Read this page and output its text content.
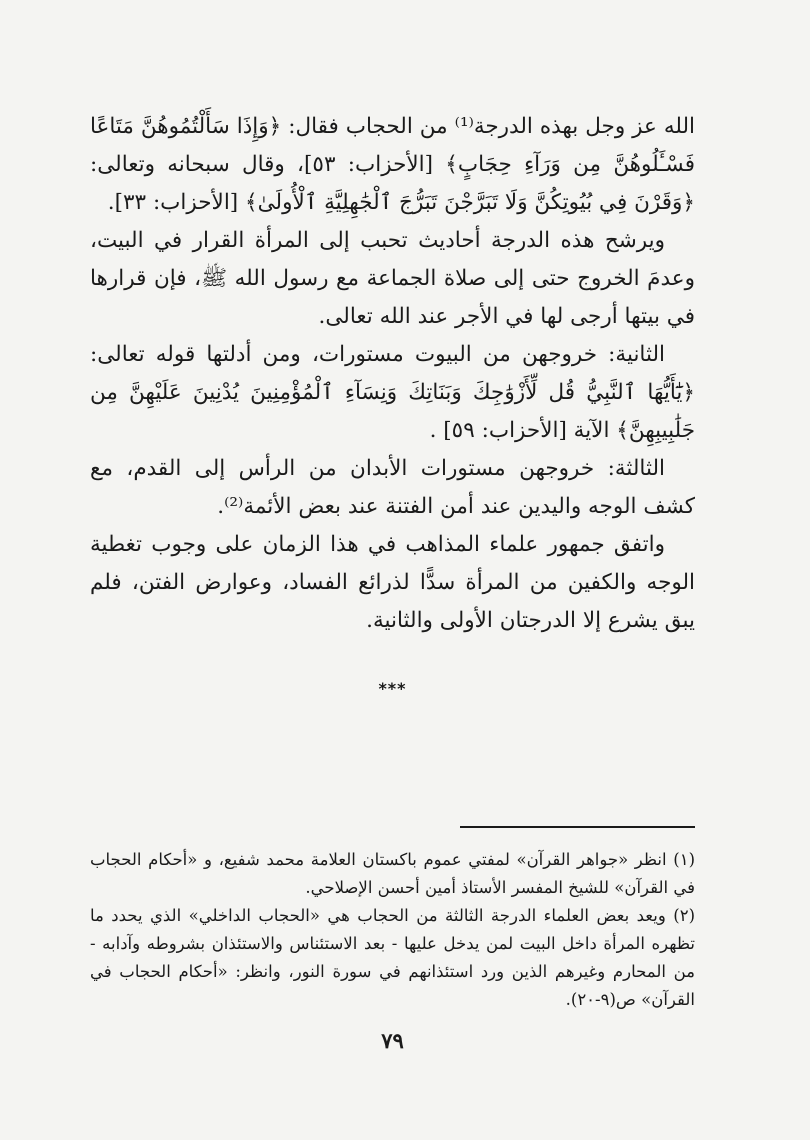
الله عز وجل بهذه الدرجة⁽¹⁾ من الحجاب فقال: ﴿وَإِذَا سَأَلْتُمُوهُنَّ مَتَاعًا فَسْـَٔلُوهُنَّ مِن وَرَآءِ حِجَابٍ﴾ [الأحزاب: ٥٣]، وقال سبحانه وتعالى: ﴿وَقَرْنَ فِي بُيُوتِكُنَّ وَلَا تَبَرَّجْنَ تَبَرُّجَ ٱلْجَٰهِلِيَّةِ ٱلْأُولَىٰ﴾ [الأحزاب: ٣٣].

ويرشح هذه الدرجة أحاديث تحبب إلى المرأة القرار في البيت، وعدمَ الخروج حتى إلى صلاة الجماعة مع رسول الله ﷺ، فإن قرارها في بيتها أرجى لها في الأجر عند الله تعالى.

الثانية: خروجهن من البيوت مستورات، ومن أدلتها قوله تعالى: ﴿يَٰٓأَيُّهَا ٱلنَّبِيُّ قُل لِّأَزْوَٰجِكَ وَبَنَاتِكَ وَنِسَآءِ ٱلْمُؤْمِنِينَ يُدْنِينَ عَلَيْهِنَّ مِن جَلَٰبِيبِهِنَّ﴾ الآية [الأحزاب: ٥٩] .

الثالثة: خروجهن مستورات الأبدان من الرأس إلى القدم، مع كشف الوجه واليدين عند أمن الفتنة عند بعض الأئمة⁽²⁾.

واتفق جمهور علماء المذاهب في هذا الزمان على وجوب تغطية الوجه والكفين من المرأة سدًّا لذرائع الفساد، وعوارض الفتن، فلم يبق يشرع إلا الدرجتان الأولى والثانية.

***

(١) انظر «جواهر القرآن» لمفتي عموم باكستان العلامة محمد شفيع، و «أحكام الحجاب في القرآن» للشيخ المفسر الأستاذ أمين أحسن الإصلاحي.

(٢) ويعد بعض العلماء الدرجة الثالثة من الحجاب هي «الحجاب الداخلي» الذي يحدد ما تظهره المرأة داخل البيت لمن يدخل عليها - بعد الاستئناس والاستئذان بشروطه وآدابه - من المحارم وغيرهم الذين ورد استئذانهم في سورة النور، وانظر: «أحكام الحجاب في القرآن» ص(٩-٢٠).

٧٩
